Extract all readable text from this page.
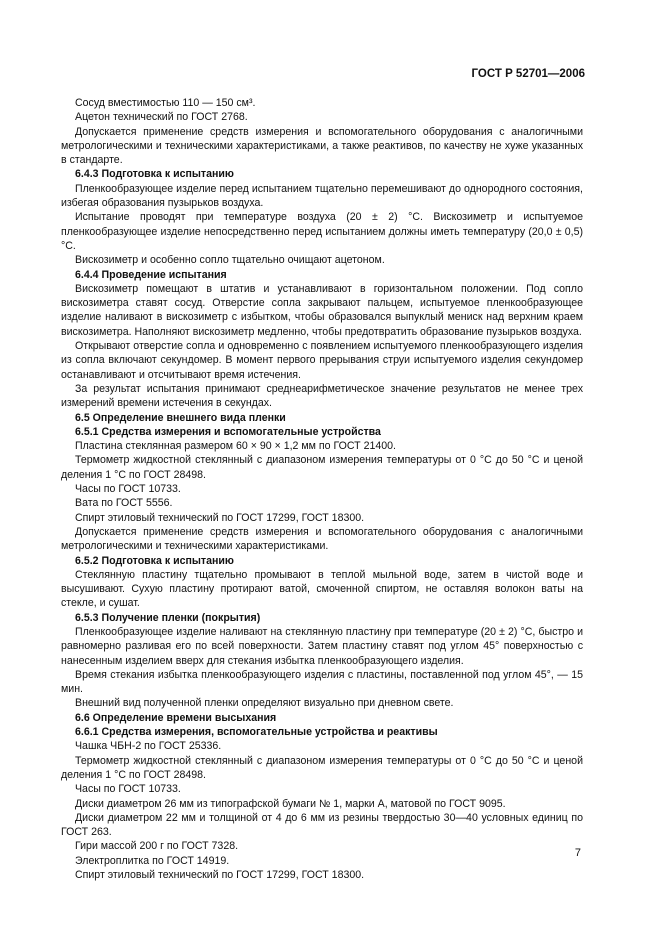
ГОСТ Р 52701—2006

Сосуд вместимостью 110 — 150 см³.

Ацетон технический по ГОСТ 2768.

Допускается применение средств измерения и вспомогательного оборудования с аналогичными метрологическими и техническими характеристиками, а также реактивов, по качеству не хуже указанных в стандарте.

6.4.3 Подготовка к испытанию

Пленкообразующее изделие перед испытанием тщательно перемешивают до однородного состояния, избегая образования пузырьков воздуха.

Испытание проводят при температуре воздуха (20 ± 2) °С. Вискозиметр и испытуемое пленкообразующее изделие непосредственно перед испытанием должны иметь температуру (20,0 ± 0,5) °С.

Вискозиметр и особенно сопло тщательно очищают ацетоном.

6.4.4 Проведение испытания

Вискозиметр помещают в штатив и устанавливают в горизонтальном положении. Под сопло вискозиметра ставят сосуд. Отверстие сопла закрывают пальцем, испытуемое пленкообразующее изделие наливают в вискозиметр с избытком, чтобы образовался выпуклый мениск над верхним краем вискозиметра. Наполняют вискозиметр медленно, чтобы предотвратить образование пузырьков воздуха.

Открывают отверстие сопла и одновременно с появлением испытуемого пленкообразующего изделия из сопла включают секундомер. В момент первого прерывания струи испытуемого изделия секундомер останавливают и отсчитывают время истечения.

За результат испытания принимают среднеарифметическое значение результатов не менее трех измерений времени истечения в секундах.

6.5 Определение внешнего вида пленки

6.5.1 Средства измерения и вспомогательные устройства

Пластина стеклянная размером 60 × 90 × 1,2 мм по ГОСТ 21400.

Термометр жидкостной стеклянный с диапазоном измерения температуры от 0 °С до 50 °С и ценой деления 1 °С по ГОСТ 28498.

Часы по ГОСТ 10733.

Вата по ГОСТ 5556.

Спирт этиловый технический по ГОСТ 17299, ГОСТ 18300.

Допускается применение средств измерения и вспомогательного оборудования с аналогичными метрологическими и техническими характеристиками.

6.5.2 Подготовка к испытанию

Стеклянную пластину тщательно промывают в теплой мыльной воде, затем в чистой воде и высушивают. Сухую пластину протирают ватой, смоченной спиртом, не оставляя волокон ваты на стекле, и сушат.

6.5.3 Получение пленки (покрытия)

Пленкообразующее изделие наливают на стеклянную пластину при температуре (20 ± 2) °С, быстро и равномерно разливая его по всей поверхности. Затем пластину ставят под углом 45° поверхностью с нанесенным изделием вверх для стекания избытка пленкообразующего изделия.

Время стекания избытка пленкообразующего изделия с пластины, поставленной под углом 45°, — 15 мин.

Внешний вид полученной пленки определяют визуально при дневном свете.

6.6 Определение времени высыхания

6.6.1 Средства измерения, вспомогательные устройства и реактивы

Чашка ЧБН-2 по ГОСТ 25336.

Термометр жидкостной стеклянный с диапазоном измерения температуры от 0 °С до 50 °С и ценой деления 1 °С по ГОСТ 28498.

Часы по ГОСТ 10733.

Диски диаметром 26 мм из типографской бумаги № 1, марки А, матовой по ГОСТ 9095.

Диски диаметром 22 мм и толщиной от 4 до 6 мм из резины твердостью 30—40 условных единиц по ГОСТ 263.

Гири массой 200 г по ГОСТ 7328.

Электроплитка по ГОСТ 14919.

Спирт этиловый технический по ГОСТ 17299, ГОСТ 18300.

7
